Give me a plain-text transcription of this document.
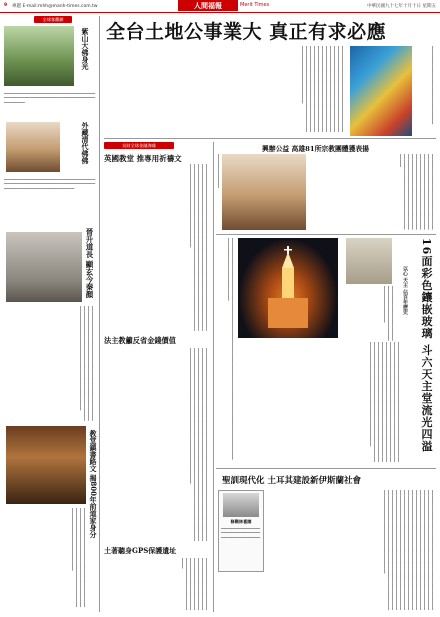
9 專題 E-mail:mhh@manh-times.com.tw	中華民國九十七年十月十日 星期五
人間福報	Merit Times
全球客觀網
紫山大佛身光
▁▁▁▁▁▁▁▁▁▁▁▁▁▁▁▁▁▁▁▁▁▁▁▁▁▁▁▁▁▁▁▁▁▁▁▁▁▁▁▁▁▁▁▁▁▁▁▁▁▁▁▁▁▁▁▁▁▁▁▁▁▁▁▁▁▁▁▁▁▁▁▁▁▁▁▁▁▁
外藏清代佛佛
▁▁▁▁▁▁▁▁▁▁▁▁▁▁▁▁▁▁▁▁▁▁▁▁▁▁▁▁▁▁▁▁▁▁▁▁▁▁▁▁▁▁▁▁▁▁▁▁▁▁▁▁▁▁▁▁▁▁▁▁▁▁▁▁▁▁▁▁▁▁▁▁▁▁▁▁▁▁▁▁▁▁▁▁▁▁▁▁▁▁▁▁▁▁▁▁▁
晉升道長 顯玄今秦顏
▁▁▁▁▁▁▁▁▁▁▁▁▁▁▁▁▁▁▁▁▁▁▁▁▁▁▁▁▁▁▁▁▁▁▁▁▁▁▁▁▁▁▁▁▁▁▁▁▁▁▁▁▁▁▁▁▁▁▁▁▁▁▁▁▁▁▁▁▁▁▁▁▁▁▁▁▁▁▁▁▁▁▁▁▁▁▁▁▁▁▁▁▁▁▁▁▁▁▁▁▁▁▁▁▁▁▁▁▁▁▁▁▁▁▁▁▁▁▁▁▁▁▁▁▁▁▁▁▁▁▁▁▁▁▁▁▁▁▁▁▁▁▁▁▁▁▁▁▁▁▁▁▁▁▁▁▁▁▁▁▁▁▁▁▁▁▁▁▁▁▁▁
教堂鎮書路文 揭800年前道家身分
▁▁▁▁▁▁▁▁▁▁▁▁▁▁▁▁▁▁▁▁▁▁▁▁▁▁▁▁▁▁▁▁▁▁▁▁▁▁▁▁▁▁▁▁▁▁▁▁▁▁▁▁▁▁▁▁▁▁▁▁▁▁▁▁▁▁▁▁▁▁▁▁▁▁▁▁▁▁▁▁▁▁▁▁▁▁▁▁▁▁▁▁▁▁▁▁▁▁▁▁▁▁▁▁▁▁▁▁▁▁▁▁▁▁▁▁▁▁▁▁▁▁▁▁▁▁▁▁▁▁▁▁▁▁▁▁▁▁
全台土地公事業大 真正有求必應
▁▁▁▁▁▁▁▁▁▁▁▁▁▁▁▁▁▁▁▁▁▁▁▁▁▁▁▁▁▁▁▁▁▁▁▁▁▁▁▁▁▁▁▁▁▁▁▁▁▁▁▁▁▁▁▁▁▁▁▁▁▁▁▁▁▁▁▁▁▁▁▁▁▁▁▁▁▁▁▁▁▁▁▁▁▁▁▁▁▁▁▁▁▁▁▁▁▁▁▁▁▁▁▁▁▁▁▁▁▁▁▁▁▁▁▁▁▁▁▁▁▁▁▁▁▁▁▁▁▁▁▁▁▁▁▁▁▁▁▁▁▁▁▁▁▁▁▁▁▁▁▁▁▁▁▁▁▁▁▁▁▁▁▁▁▁▁▁▁▁▁▁▁▁▁▁▁▁▁▁▁▁▁▁▁▁▁▁▁▁▁▁▁▁▁▁▁▁▁▁▁▁▁▁▁▁▁▁▁▁▁▁▁▁▁▁▁▁▁▁▁▁▁▁▁▁▁▁▁▁▁▁▁▁▁▁▁▁▁▁▁▁▁▁▁▁▁▁▁▁▁▁▁▁▁▁▁▁▁▁▁▁▁▁▁▁▁▁▁▁▁▁▁▁▁▁▁▁▁▁▁▁▁▁▁▁▁▁▁▁▁▁▁▁▁▁▁▁▁▁▁▁▁▁▁▁▁▁▁▁▁▁▁▁▁▁▁▁▁▁▁▁▁▁▁▁▁▁▁▁▁▁▁▁▁▁▁▁▁▁▁▁▁▁▁▁▁▁▁▁▁▁	▁▁▁▁▁▁▁▁▁▁▁▁▁▁▁▁▁▁▁▁▁▁▁▁▁▁▁▁▁▁
吳財全球金融海嘯
英國教堂 推專用祈禱文
▁▁▁▁▁▁▁▁▁▁▁▁▁▁▁▁▁▁▁▁▁▁▁▁▁▁▁▁▁▁▁▁▁▁▁▁▁▁▁▁▁▁▁▁▁▁▁▁▁▁▁▁▁▁▁▁▁▁▁▁▁▁▁▁▁▁▁▁▁▁▁▁▁▁▁▁▁▁▁▁▁▁▁▁▁▁▁▁▁▁▁▁▁▁▁▁▁▁▁▁▁▁▁▁▁▁▁▁▁▁▁▁▁▁▁▁▁▁▁▁▁▁▁▁▁▁▁▁▁▁▁▁▁▁▁▁▁▁▁▁▁▁▁▁▁▁▁▁▁▁▁▁▁▁▁▁▁▁▁▁▁▁▁▁▁▁▁▁▁▁▁▁▁▁▁▁▁▁▁▁▁▁▁▁▁▁▁▁▁▁▁▁▁▁▁▁▁▁▁▁▁▁▁▁▁▁▁▁▁▁▁▁▁▁▁▁▁▁▁▁▁▁▁▁▁▁▁▁▁▁▁▁▁▁▁▁▁▁▁▁▁▁▁▁▁▁▁▁▁▁▁▁▁▁▁▁▁▁▁▁▁▁▁▁▁▁▁▁▁▁▁▁▁▁▁▁▁▁▁▁▁▁▁▁▁▁▁▁
法主教籲反省金錢價值
▁▁▁▁▁▁▁▁▁▁▁▁▁▁▁▁▁▁▁▁▁▁▁▁▁▁▁▁▁▁▁▁▁▁▁▁▁▁▁▁▁▁▁▁▁▁▁▁▁▁▁▁▁▁▁▁▁▁▁▁▁▁▁▁▁▁▁▁▁▁▁▁▁▁▁▁▁▁▁▁▁▁▁▁▁▁▁▁▁▁▁▁▁▁▁▁▁▁▁▁▁▁▁▁▁▁▁▁▁▁▁▁▁▁▁▁▁▁▁▁▁▁▁▁▁▁▁▁▁▁▁▁▁▁▁▁▁▁▁▁▁▁▁▁▁▁▁▁▁▁▁▁▁▁▁▁▁▁▁▁▁▁▁▁▁▁▁▁▁▁▁▁▁▁▁▁▁▁▁▁▁▁▁▁▁▁▁▁▁▁▁▁▁▁▁▁▁▁▁▁▁▁▁▁▁▁▁▁▁▁▁▁▁▁▁▁▁▁▁▁▁▁▁▁▁▁▁▁▁▁▁▁▁▁▁▁▁▁▁▁▁▁▁▁▁▁▁▁▁▁▁▁▁▁▁▁▁▁▁▁▁▁▁▁▁▁▁▁▁▁▁▁▁▁▁▁▁▁▁▁▁▁▁▁▁▁▁▁▁▁▁▁▁▁▁▁▁▁▁▁▁▁▁▁▁▁▁▁▁▁▁▁▁▁▁▁▁▁▁▁▁▁▁▁▁▁▁▁▁▁▁▁▁▁▁▁▁▁▁▁▁▁▁▁▁▁▁▁
土著聽身GPS保護遺址
▁▁▁▁▁▁▁▁▁▁▁▁▁▁▁▁▁▁▁▁▁▁▁▁▁▁▁▁▁▁▁▁▁▁▁▁▁▁▁▁▁▁▁▁▁▁▁▁▁▁▁▁▁▁▁▁▁▁▁▁▁▁▁▁▁▁▁▁▁▁▁▁▁▁▁▁▁▁▁▁▁▁▁▁▁▁▁▁▁▁▁▁▁▁▁▁▁▁▁▁▁▁▁▁▁▁▁▁▁▁▁▁▁▁▁▁▁▁▁▁▁▁▁▁
興辦公益 高雄81所宗教團體獲表揚
▁▁▁▁▁▁▁▁▁▁▁▁▁	▁▁▁▁▁▁▁▁▁▁▁▁▁▁▁▁▁▁▁▁▁▁▁▁▁▁▁▁▁▁▁▁▁▁▁▁▁▁▁▁▁▁▁▁▁▁▁▁▁▁▁▁▁▁▁▁▁▁▁▁▁▁▁▁▁▁▁▁▁▁▁▁▁▁▁▁▁▁▁▁▁▁▁▁▁▁▁▁▁▁▁▁▁▁▁▁▁▁▁▁▁▁▁▁▁▁▁▁▁▁▁▁▁▁▁▁▁▁▁▁▁▁▁▁▁▁▁▁▁▁▁▁▁▁▁▁▁▁▁▁▁▁▁▁▁▁▁▁▁▁▁▁▁▁▁▁▁▁▁▁▁▁▁▁▁▁▁▁▁▁▁▁▁▁▁▁▁▁▁▁▁▁▁▁▁▁▁▁▁▁▁▁▁▁▁▁▁▁▁▁▁▁▁▁▁▁▁▁▁▁▁▁▁▁▁▁▁▁▁▁▁▁▁▁▁▁▁▁▁▁▁▁▁▁▁▁▁
▁▁▁▁▁▁▁▁▁▁▁▁▁▁▁▁▁▁▁▁▁▁▁▁▁▁▁▁▁▁▁▁▁▁▁▁▁▁▁▁▁▁▁▁▁▁▁▁▁▁▁▁▁▁▁▁▁▁▁▁▁▁▁▁▁▁▁▁▁▁▁▁▁▁▁▁▁▁▁▁▁▁▁▁▁▁▁▁▁▁▁▁▁▁▁▁▁▁▁▁▁▁▁▁▁▁▁▁▁
▁▁▁▁▁▁▁▁▁▁▁▁▁▁▁▁▁▁▁▁▁▁▁▁▁▁▁▁▁▁▁▁▁▁▁▁▁▁▁▁▁▁▁▁▁▁▁▁▁▁▁▁▁▁▁▁	16面彩色鑲嵌玻璃 斗六天主堂流光四溢
以心 天主 佔百年歷史
▁▁▁▁▁▁▁▁▁▁▁▁▁▁▁▁▁▁▁▁▁▁▁▁▁▁▁▁▁▁▁▁▁▁▁▁▁▁▁▁▁▁▁▁▁▁▁▁▁▁▁▁▁▁▁▁▁▁▁▁▁▁▁▁▁▁▁▁▁▁▁▁▁▁▁▁▁▁▁▁▁▁▁▁▁▁▁▁▁▁▁▁▁▁▁▁▁▁▁▁▁▁▁▁▁▁▁▁▁▁▁▁▁▁▁▁▁▁▁▁▁▁▁▁▁▁▁▁▁▁▁▁▁▁▁▁▁▁▁▁▁▁▁▁▁▁▁▁▁▁▁▁▁▁▁▁▁▁▁▁▁▁▁▁▁▁▁▁▁▁▁▁▁▁▁▁▁▁▁▁▁▁▁▁▁▁▁▁▁▁▁▁▁▁▁▁▁▁▁▁▁▁▁▁▁▁▁▁▁▁▁▁▁▁▁▁▁▁▁▁▁▁▁▁▁▁▁▁▁▁▁▁▁▁▁▁▁▁▁▁▁▁▁▁▁▁▁▁▁▁▁▁▁▁▁▁▁▁▁▁▁▁▁▁▁▁▁▁▁▁▁▁▁▁▁▁▁▁▁▁▁▁▁▁▁▁▁▁▁▁▁▁▁▁▁▁▁▁▁▁▁▁▁▁▁▁▁▁▁▁▁▁▁▁▁▁▁▁▁▁▁▁▁▁▁▁▁▁▁▁▁▁▁▁▁▁▁▁▁▁▁▁▁▁▁▁▁▁▁▁▁▁▁▁▁▁▁▁▁▁▁▁
聖訓現代化 土耳其建設新伊斯蘭社會
修剛林喜園
▁▁▁▁▁▁▁▁▁▁▁▁▁▁▁▁▁▁▁▁▁▁▁▁▁▁▁▁▁▁▁▁▁▁▁▁▁▁▁▁▁▁▁▁▁	▁▁▁▁▁▁▁▁▁▁▁▁▁▁▁▁▁▁▁▁▁▁▁▁▁▁▁▁▁▁▁▁▁▁▁▁▁▁▁▁▁▁▁▁▁▁▁▁▁▁▁▁▁▁▁▁▁▁▁▁▁▁▁▁▁▁▁▁▁▁▁▁▁▁▁▁▁▁▁▁▁▁▁▁▁▁▁▁▁▁▁▁▁▁▁▁▁▁▁▁▁▁▁▁▁▁▁▁▁▁▁▁▁▁▁▁▁▁▁▁▁▁▁▁▁▁▁▁▁▁▁▁▁▁▁▁▁▁▁▁▁▁▁▁▁▁▁▁▁▁▁▁▁▁▁▁▁▁▁▁▁▁▁▁▁▁▁▁▁▁▁▁▁▁▁▁▁▁▁▁▁▁▁▁▁▁▁▁▁▁▁▁▁▁▁▁▁▁▁▁▁▁▁▁▁▁▁▁▁▁▁▁▁▁▁▁▁▁▁▁▁▁▁▁▁▁▁▁▁▁▁▁▁▁▁▁▁▁▁▁▁▁▁▁▁▁▁▁▁▁▁▁▁▁▁▁▁▁▁▁▁▁▁▁▁▁▁▁▁▁▁▁▁▁▁▁▁▁▁▁▁▁▁▁▁▁▁▁▁▁▁▁▁▁▁▁▁▁▁▁▁▁▁▁▁▁▁▁▁▁▁▁▁▁▁▁▁▁▁▁▁▁▁▁▁▁▁▁▁▁▁▁▁▁▁▁▁▁▁▁▁▁▁▁▁▁▁▁▁▁▁▁▁▁▁▁▁▁▁▁▁▁▁▁▁▁▁▁▁▁▁▁▁▁▁▁▁▁▁▁▁▁▁▁▁▁▁▁▁▁▁▁▁▁▁▁▁▁▁▁▁▁▁▁▁▁▁▁▁▁▁▁▁▁▁▁▁▁▁▁▁▁▁▁▁▁▁▁▁▁▁▁▁▁▁▁▁▁▁▁▁▁▁▁▁▁▁▁▁▁▁▁▁▁▁▁▁▁▁▁▁▁▁▁▁▁▁▁▁▁▁▁▁▁▁▁▁▁▁▁▁▁▁▁▁▁▁▁▁▁▁▁▁▁▁▁▁▁▁▁▁▁▁▁▁▁▁▁▁▁▁▁▁▁▁▁▁▁▁▁▁▁▁▁▁▁▁▁▁▁▁▁▁▁▁▁▁▁▁▁▁▁▁▁▁▁▁▁▁▁▁▁▁▁▁▁▁▁▁▁▁▁▁▁▁▁▁▁▁▁▁▁▁▁▁▁▁▁▁▁▁▁▁▁
